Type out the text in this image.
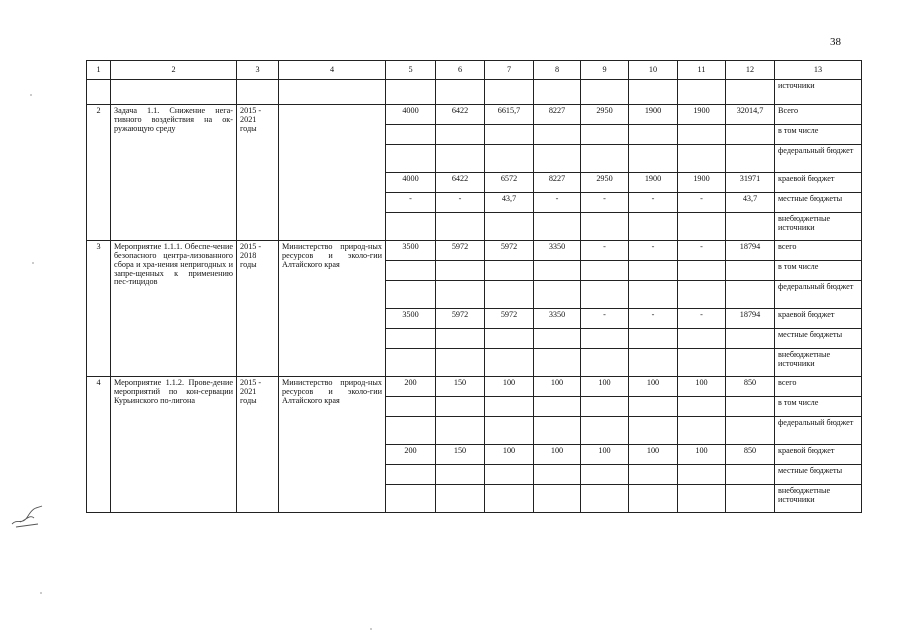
38
1	2	3	4	5	6	7	8	9	10	11	12	13
												источники
2	Задача 1.1. Снижение нега-тивного воздействия на ок-ружающую среду	2015 - 2021 годы		4000	6422	6615,7	8227	2950	1900	1900	32014,7	Всего
												в том числе
												федеральный бюджет
				4000	6422	6572	8227	2950	1900	1900	31971	краевой бюджет
				-	-	43,7	-	-	-	-	43,7	местные бюджеты
												внебюджетные источники
3	Мероприятие 1.1.1. Обеспе-чение безопасного центра-лизованного сбора и хра-нения непригодных и запре-щенных к применению пес-тицидов	2015 - 2018 годы	Министерство природ-ных ресурсов и эколо-гии Алтайского края	3500	5972	5972	3350	-	-	-	18794	всего
												в том числе
												федеральный бюджет
				3500	5972	5972	3350	-	-	-	18794	краевой бюджет
												местные бюджеты
												внебюджетные источники
4	Мероприятие 1.1.2. Прове-дение мероприятий по кон-сервации Курьинского по-лигона	2015 - 2021 годы	Министерство природ-ных ресурсов и эколо-гии Алтайского края	200	150	100	100	100	100	100	850	всего
												в том числе
												федеральный бюджет
				200	150	100	100	100	100	100	850	краевой бюджет
												местные бюджеты
												внебюджетные источники
